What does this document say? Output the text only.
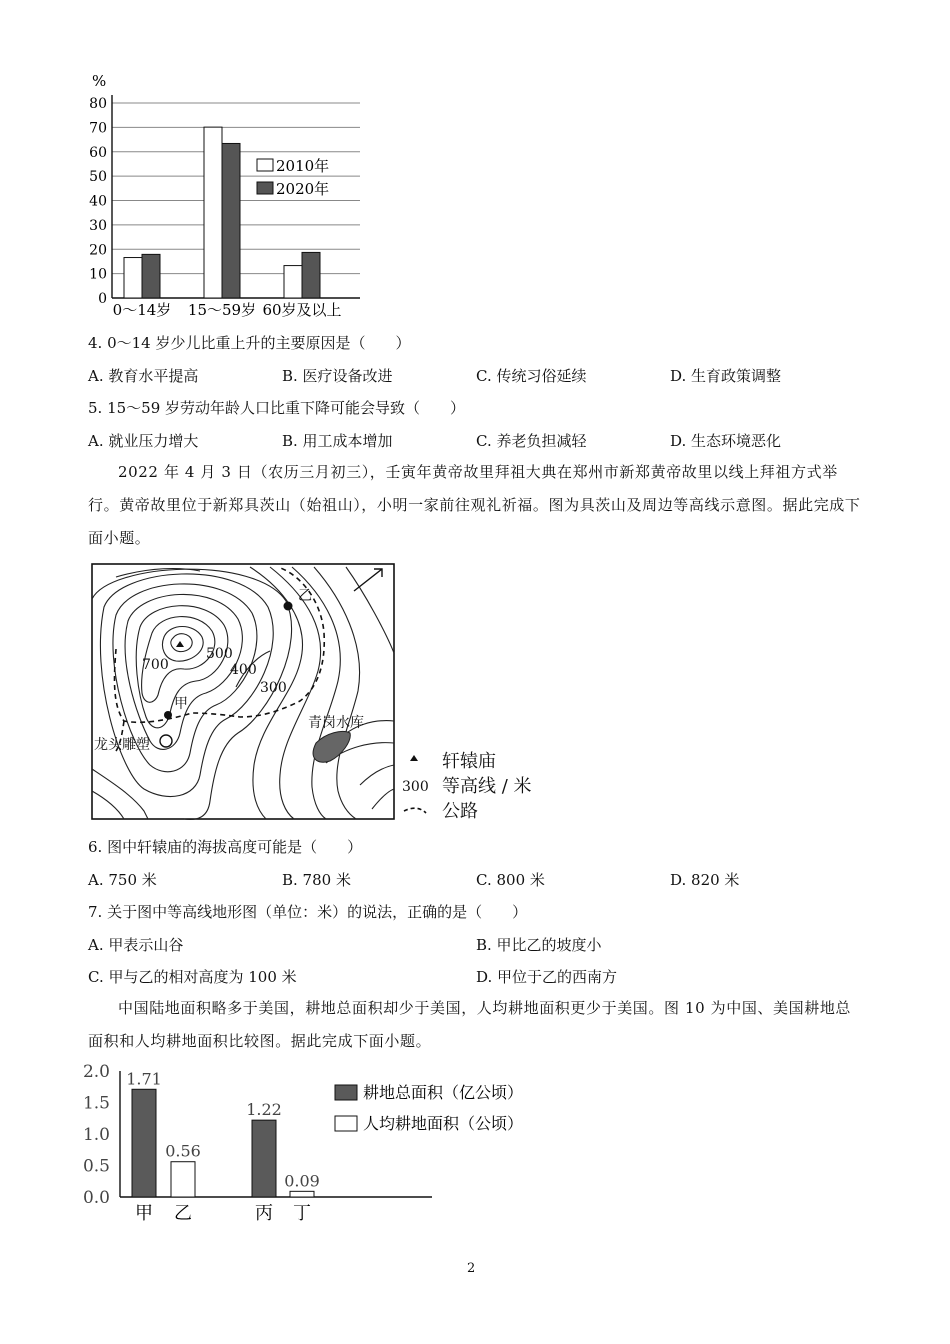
%
0
10
20
30
40
50
60
70
80
0～14岁 15～59岁 60岁及以上
2010年
2020年
4. 0～14 岁少儿比重上升的主要原因是（　　）
A. 教育水平提高	B. 医疗设备改进	C. 传统习俗延续	D. 生育政策调整
5. 15～59 岁劳动年龄人口比重下降可能会导致（　　）
A. 就业压力增大	B. 用工成本增加	C. 养老负担减轻	D. 生态环境恶化
2022 年 4 月 3 日（农历三月初三），壬寅年黄帝故里拜祖大典在郑州市新郑黄帝故里以线上拜祖方式举行。黄帝故里位于新郑具茨山（始祖山），小明一家前往观礼祈福。图为具茨山及周边等高线示意图。据此完成下面小题。
乙
甲
700
500
400
300
青岗水库
龙头雕塑
轩辕庙
300 等高线 / 米
公路
6. 图中轩辕庙的海拔高度可能是（　　）
A. 750 米	B. 780 米	C. 800 米	D. 820 米
7. 关于图中等高线地形图（单位：米）的说法，正确的是（　　）
A. 甲表示山谷	B. 甲比乙的坡度小
C. 甲与乙的相对高度为 100 米	D. 甲位于乙的西南方
中国陆地面积略多于美国，耕地总面积却少于美国，人均耕地面积更少于美国。图 10 为中国、美国耕地总面积和人均耕地面积比较图。据此完成下面小题。
0.0
0.5
1.0
1.5
2.0 1.71
0.56
1.22
0.09
甲 乙	丙 丁
耕地总面积（亿公顷）
人均耕地面积（公顷）
2
